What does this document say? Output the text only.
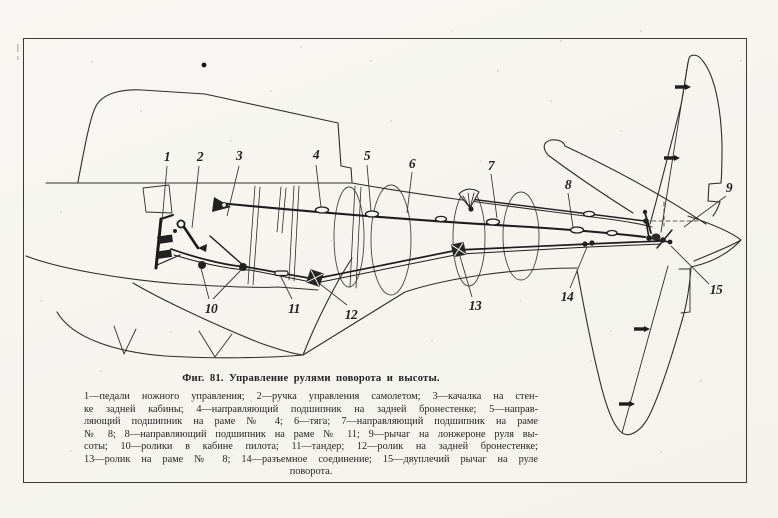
1 2 3	4	5
6	7
8	9
10	11	12
13
14	15
Фиг. 81. Управление рулями поворота и высоты.
1—педали ножного управления; 2—ручка управления самолетом; 3—качалка на стен-
ке задней кабины; 4—направляющий подшипник на задней бронестенке; 5—направ-
ляющий подшипник на раме № 4; 6—тяга; 7—направляющий подшипник на раме
№ 8; 8—направляющий подшипник на раме № 11; 9—рычаг на лонжероне руля вы-
соты; 10—ролики в кабине пилота; 11—тандер; 12—ролик на задней бронестенке;
13—ролик на раме № 8; 14—разъемное соединение; 15—двуплечий рычаг на руле
поворота.
